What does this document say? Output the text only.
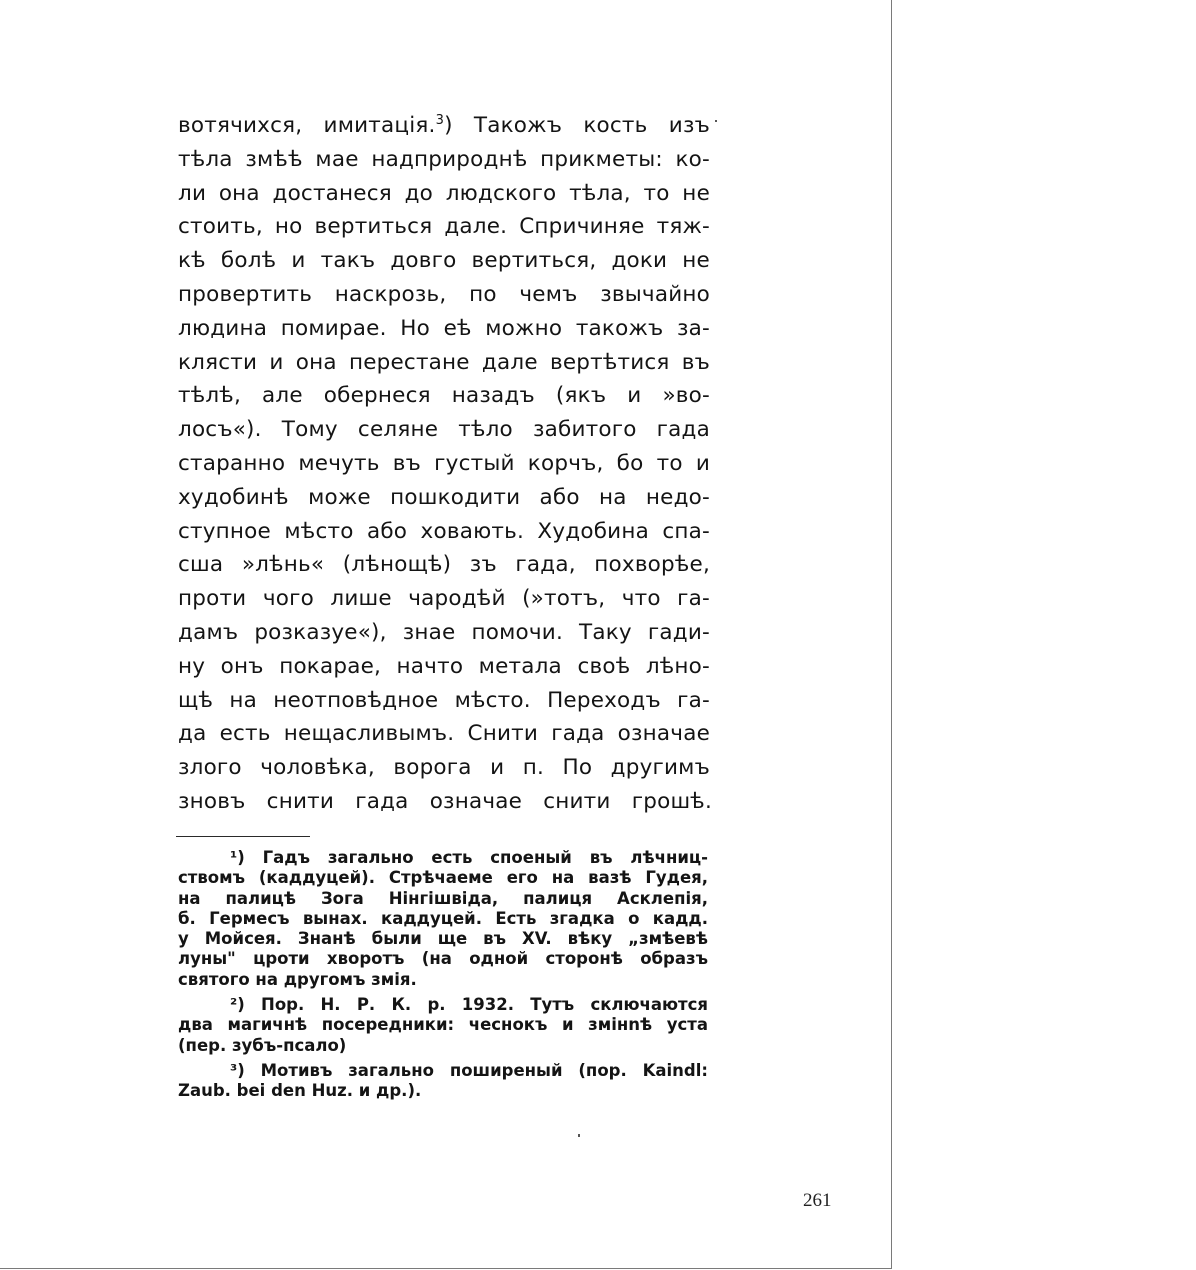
вотячихся, имитація.$^3$) Такожъ кость изъ
тѣла змѣѣ мае надприроднѣ прикметы: ко-
ли она достанеся до людского тѣла, то не
стоить, но вертиться дале. Спричиняе тяж-
кѣ болѣ и такъ довго вертиться, доки не
провертить наскрозь, по чемъ звычайно
людина помирае. Но еѣ можно такожъ за-
клясти и она перестане дале вертѣтися въ
тѣлѣ, але обернеся назадъ (якъ и »во-
лосъ«). Тому селяне тѣло забитого гада
старанно мечуть въ густый корчъ, бо то и
худобинѣ може пошкодити або на недо-
ступное мѣсто або ховають. Худобина спа-
сша »лѣнь« (лѣнощѣ) зъ гада, похворѣе,
проти чого лише чародѣй (»тотъ, что га-
дамъ розказуе«), знае помочи. Таку гади-
ну онъ покарае, начто метала своѣ лѣно-
щѣ на неотповѣдное мѣсто. Переходъ га-
да есть нещасливымъ. Снити гада означае
злого чоловѣка, ворога и п. По другимъ
зновъ снити гада означае снити грошѣ.
¹) Гадъ загально есть споеный въ лѣчниц-
ствомъ (каддуцей). Стрѣчаеме его на вазѣ Гудея,
на палицѣ Зога Нінгішвіда, палиця Асклепія,
б. Гермесъ вынах. каддуцей. Есть згадка о кадд.
у Мойсея. Знанѣ были ще въ XV. вѣку „змѣевѣ
луны" цроти хворотъ (на одной сторонѣ образъ
святого на другомъ змія.
²) Пор. Н. Р. К. р. 1932. Тутъ сключаются
два магичнѣ посередники: чеснокъ и змінnѣ уста
(пер. зубъ-псало)
³) Мотивъ загально поширеный (пор. Kaindl:
Zaub. bei den Huz. и др.).
261
